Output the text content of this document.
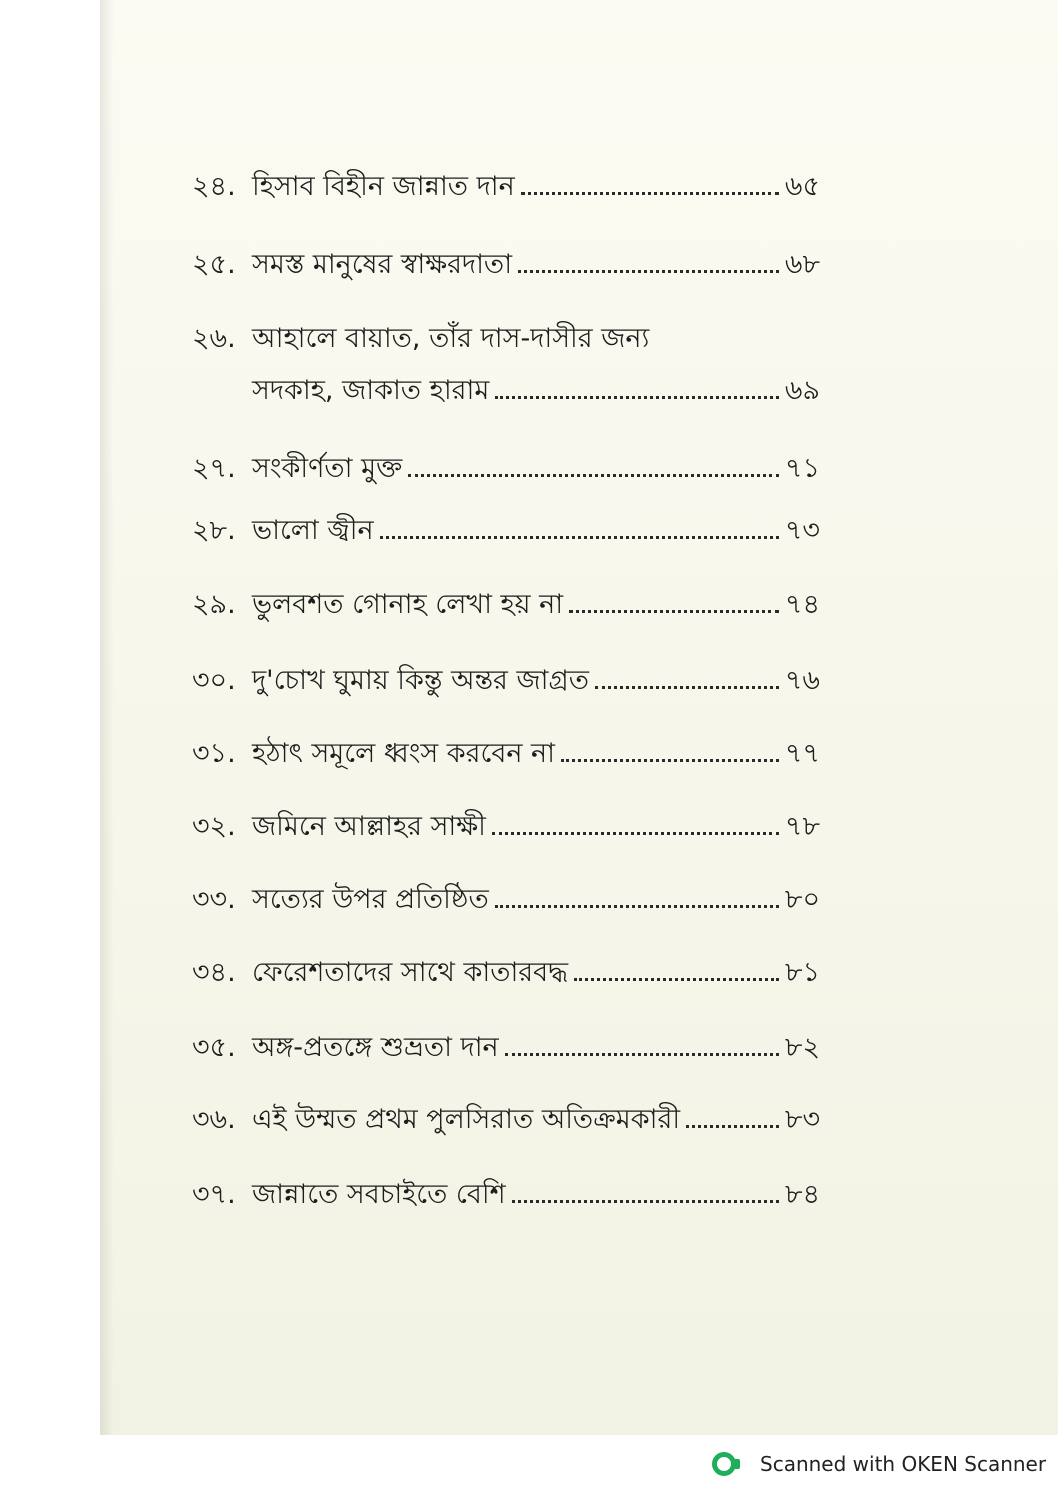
২৪. হিসাব বিহীন জান্নাত দান	৬৫
২৫. সমস্ত মানুষের স্বাক্ষরদাতা	৬৮
২৬. আহালে বায়াত, তাঁর দাস-দাসীর জন্য
সদকাহ, জাকাত হারাম	৬৯
২৭. সংকীর্ণতা মুক্ত	৭১
২৮. ভালো জ্বীন	৭৩
২৯. ভুলবশত গোনাহ লেখা হয় না	৭৪
৩০. দু'চোখ ঘুমায় কিন্তু অন্তর জাগ্রত	৭৬
৩১. হঠাৎ সমূলে ধ্বংস করবেন না	৭৭
৩২. জমিনে আল্লাহর সাক্ষী	৭৮
৩৩. সত্যের উপর প্রতিষ্ঠিত	৮০
৩৪. ফেরেশতাদের সাথে কাতারবদ্ধ	৮১
৩৫. অঙ্গ-প্রতঙ্গে শুভ্রতা দান	৮২
৩৬. এই উম্মত প্রথম পুলসিরাত অতিক্রমকারী	৮৩
৩৭. জান্নাতে সবচাইতে বেশি	৮৪
Scanned with OKEN Scanner
